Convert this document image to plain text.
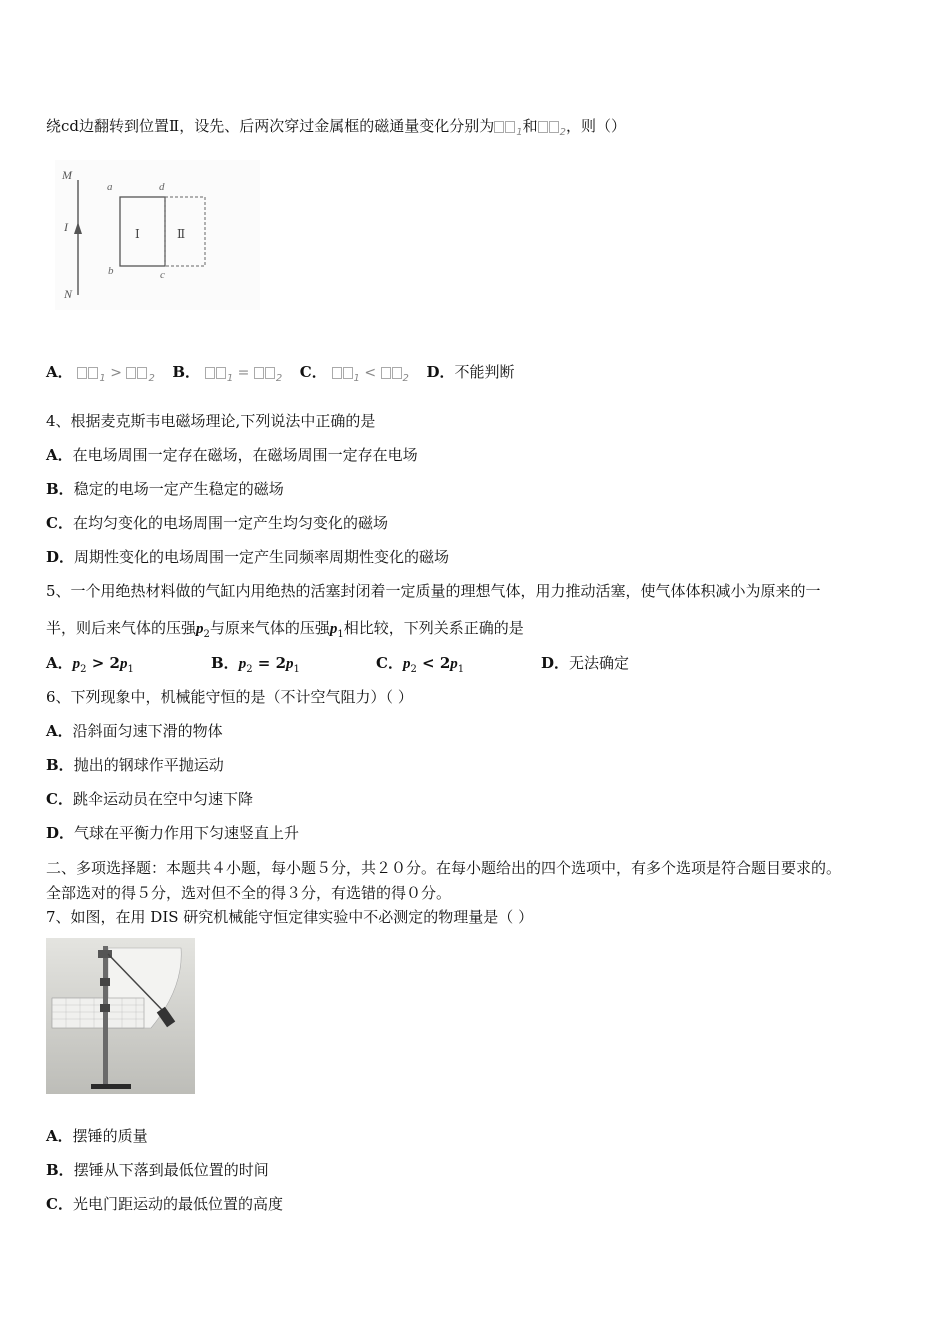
绕cd边翻转到位置Ⅱ，设先、后两次穿过金属框的磁通量变化分别为 $_1$和 $_2$，则（）
M
I
N
a	d
b	c
Ⅰ	Ⅱ
A．	$_1$ >	$_2$ B．	$_1$ =	$_2$ C．	$_1$ <	$_2$ D．不能判断
4、根据麦克斯韦电磁场理论,下列说法中正确的是
A．在电场周围一定存在磁场，在磁场周围一定存在电场
B．稳定的电场一定产生稳定的磁场
C．在均匀变化的电场周围一定产生均匀变化的磁场
D．周期性变化的电场周围一定产生同频率周期性变化的磁场
5、一个用绝热材料做的气缸内用绝热的活塞封闭着一定质量的理想气体，用力推动活塞，使气体体积减小为原来的一
半，则后来气体的压强$p_2$与原来气体的压强$p_1$相比较，下列关系正确的是
A．$p_2 > 2p_1$	B．$p_2 = 2p_1$	C．$p_2 < 2p_1$	D．无法确定
6、下列现象中，机械能守恒的是（不计空气阻力）（ ）
A．沿斜面匀速下滑的物体
B．抛出的钢球作平抛运动
C．跳伞运动员在空中匀速下降
D．气球在平衡力作用下匀速竖直上升
二、多项选择题：本题共４小题，每小题５分，共２０分。在每小题给出的四个选项中，有多个选项是符合题目要求的。
全部选对的得５分，选对但不全的得３分，有选错的得０分。
7、如图，在用 DIS 研究机械能守恒定律实验中不必测定的物理量是（ ）
A．摆锤的质量
B．摆锤从下落到最低位置的时间
C．光电门距运动的最低位置的高度
